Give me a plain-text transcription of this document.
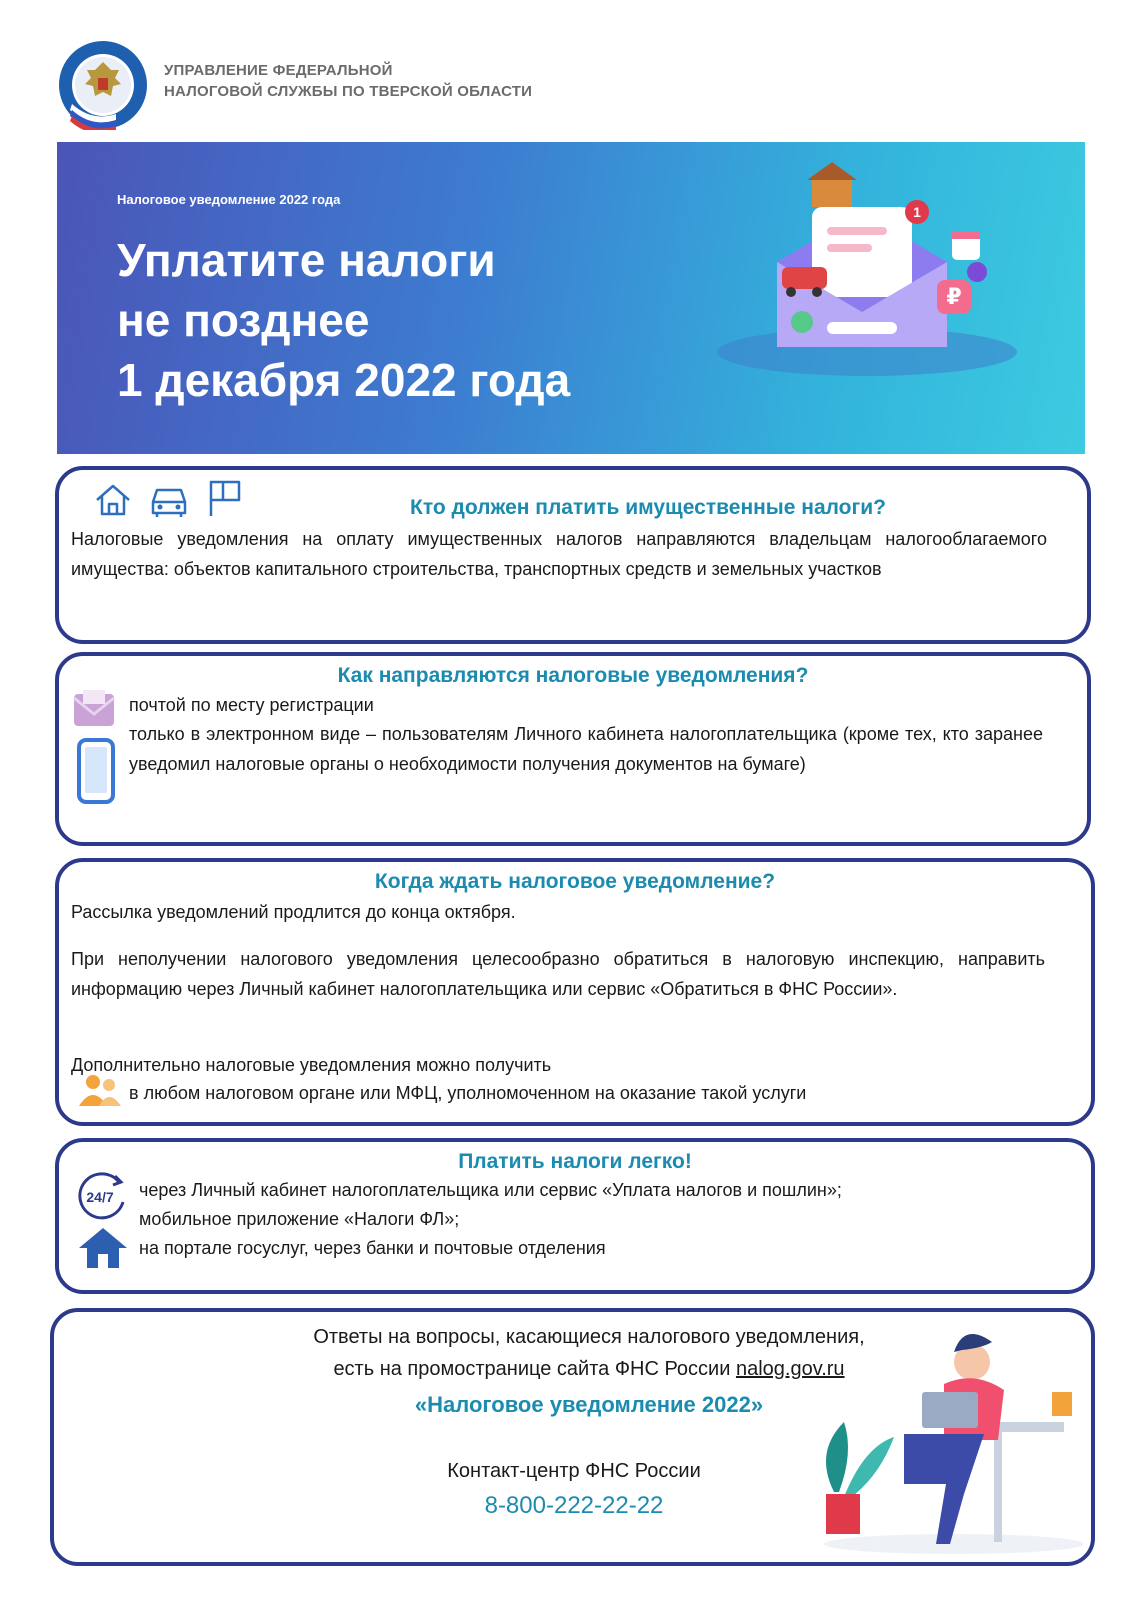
УПРАВЛЕНИЕ ФЕДЕРАЛЬНОЙ
НАЛОГОВОЙ СЛУЖБЫ ПО ТВЕРСКОЙ ОБЛАСТИ
Налоговое уведомление 2022 года
Уплатите налоги
не позднее
1 декабря 2022 года
1
₽
Кто должен платить имущественные налоги?
Налоговые уведомления на оплату имущественных налогов направляются владельцам налогооблагаемого имущества: объектов капитального строительства, транспортных средств и земельных участков
Как направляются налоговые уведомления?
почтой по месту регистрации
только в электронном виде – пользователям Личного кабинета налогоплательщика (кроме тех, кто заранее уведомил налоговые органы о необходимости получения документов на бумаге)
Когда ждать налоговое уведомление?
Рассылка уведомлений продлится до конца октября.
При неполучении налогового уведомления целесообразно обратиться в налоговую инспекцию, направить информацию через Личный кабинет налогоплательщика или сервис «Обратиться в ФНС России».
Дополнительно налоговые уведомления можно получить
в любом налоговом органе или МФЦ, уполномоченном на оказание такой услуги
Платить налоги легко!
24/7 через Личный кабинет налогоплательщика или сервис «Уплата налогов и пошлин»;
мобильное приложение «Налоги ФЛ»;
на портале госуслуг, через банки и почтовые отделения
Ответы на вопросы, касающиеся налогового уведомления,
есть на промостранице сайта ФНС России nalog.gov.ru
«Налоговое уведомление 2022»
Контакт-центр ФНС России
8-800-222-22-22
